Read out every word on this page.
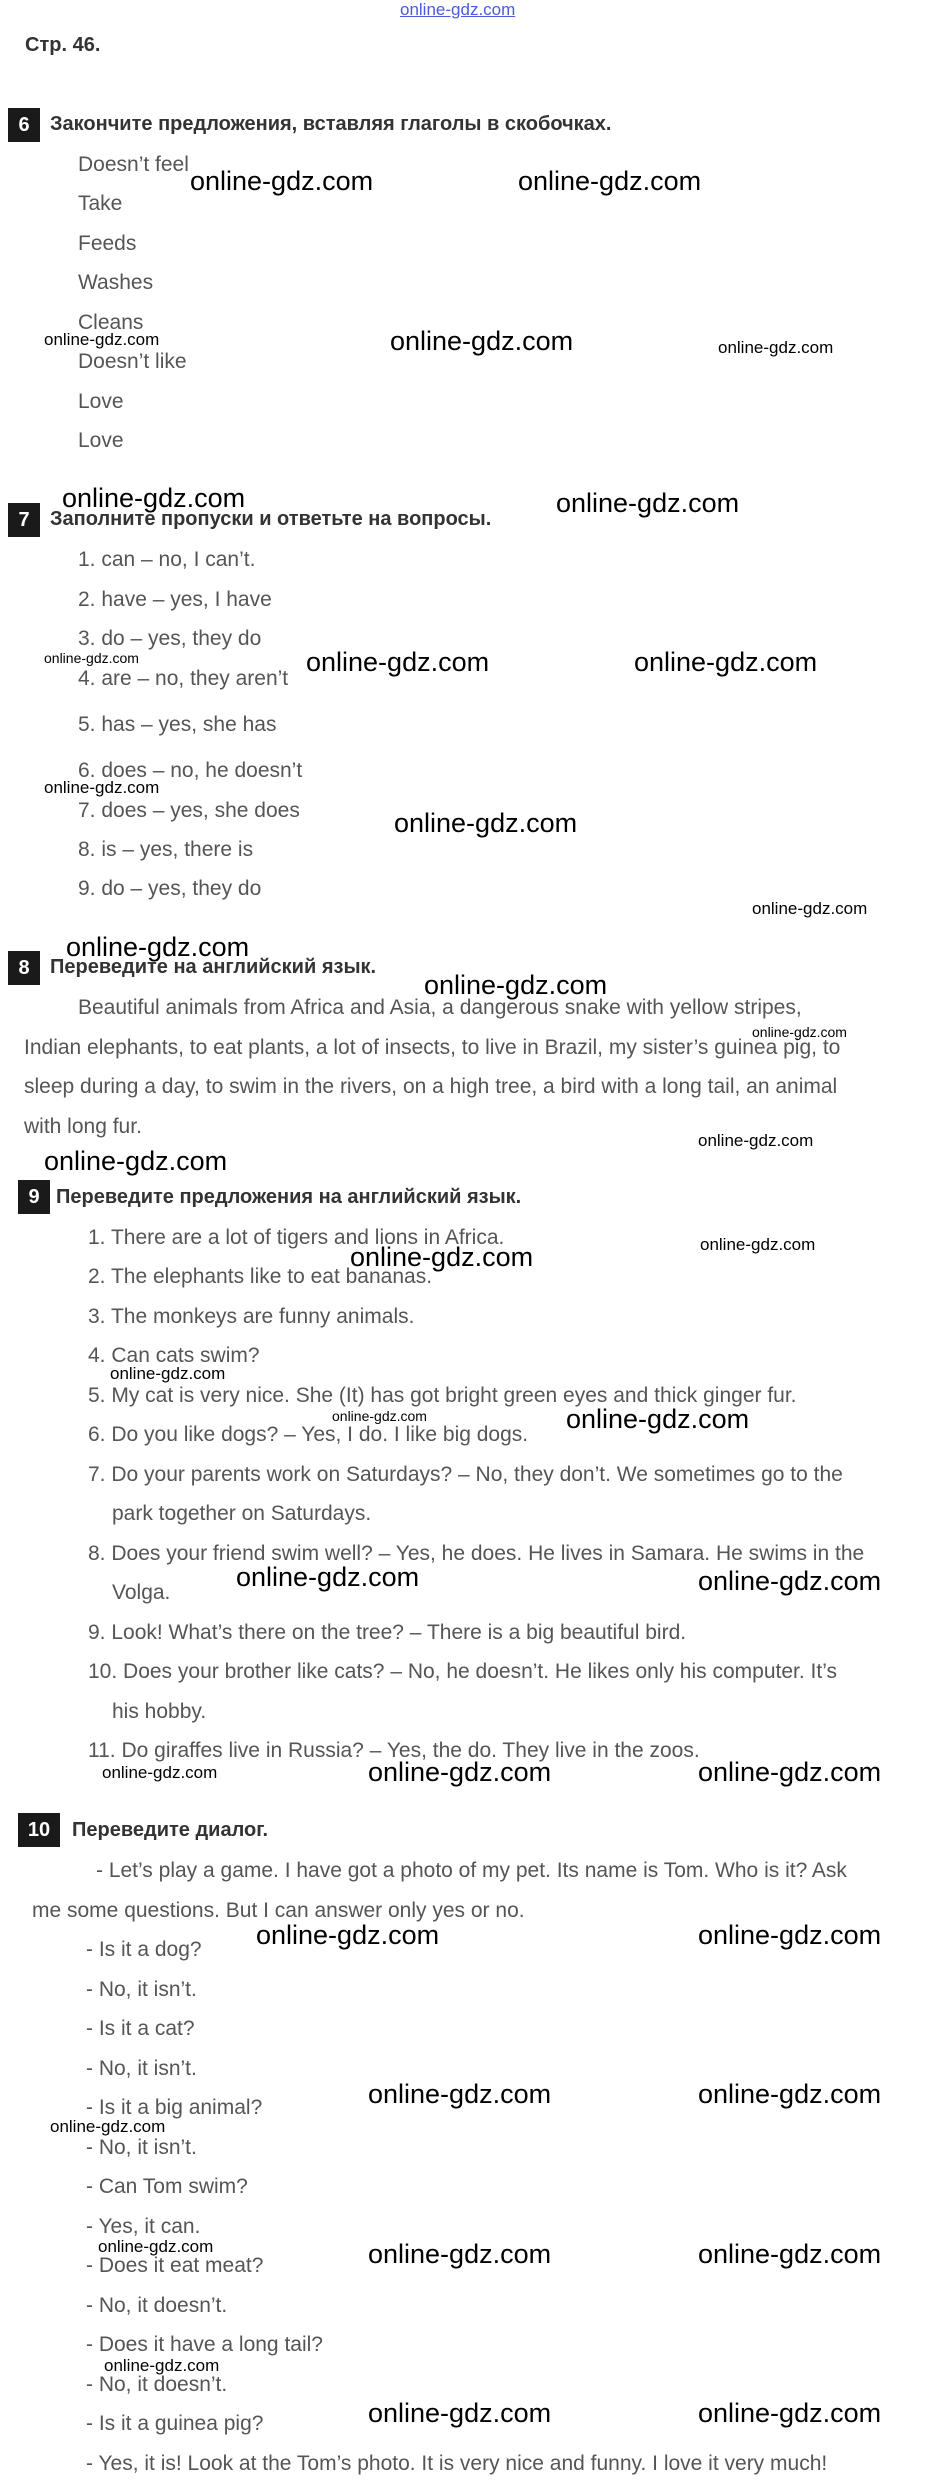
online-gdz.com
Стр. 46.
6	Закончите предложения, вставляя глаголы в скобочках.
Doesn’t feel
Take
Feeds
Washes
Cleans
Doesn’t like
Love
Love
7	Заполните пропуски и ответьте на вопросы.
1. can – no, I can’t.
2. have – yes, I have
3. do – yes, they do
4. are – no, they aren’t
5. has – yes, she has
6. does – no, he doesn’t
7. does – yes, she does
8. is – yes, there is
9. do – yes, they do
8	Переведите на английский язык.
Beautiful animals from Africa and Asia, a dangerous snake with yellow stripes,
Indian elephants, to eat plants, a lot of insects, to live in Brazil, my sister’s guinea pig, to
sleep during a day, to swim in the rivers, on a high tree, a bird with a long tail, an animal
with long fur.
9 Переведите предложения на английский язык.
1. There are a lot of tigers and lions in Africa.
2. The elephants like to eat bananas.
3. The monkeys are funny animals.
4. Can cats swim?
5. My cat is very nice. She (It) has got bright green eyes and thick ginger fur.
6. Do you like dogs? – Yes, I do. I like big dogs.
7. Do your parents work on Saturdays? – No, they don’t. We sometimes go to the
park together on Saturdays.
8. Does your friend swim well? – Yes, he does. He lives in Samara. He swims in the
Volga.
9. Look! What’s there on the tree? – There is a big beautiful bird.
10. Does your brother like cats? – No, he doesn’t. He likes only his computer. It’s
his hobby.
11. Do giraffes live in Russia? – Yes, the do. They live in the zoos.
10	Переведите диалог.
- Let’s play a game. I have got a photo of my pet. Its name is Tom. Who is it? Ask
me some questions. But I can answer only yes or no.
- Is it a dog?
- No, it isn’t.
- Is it a cat?
- No, it isn’t.
- Is it a big animal?
- No, it isn’t.
- Can Tom swim?
- Yes, it can.
- Does it eat meat?
- No, it doesn’t.
- Does it have a long tail?
- No, it doesn’t.
- Is it a guinea pig?
- Yes, it is! Look at the Tom’s photo. It is very nice and funny. I love it very much!
online-gdz.com	online-gdz.com
online-gdz.com	online-gdz.com	online-gdz.com
online-gdz.com	online-gdz.com
online-gdz.com	online-gdz.com	online-gdz.com
online-gdz.com
online-gdz.com
online-gdz.com
online-gdz.com
online-gdz.com
online-gdz.com
online-gdz.com
online-gdz.com
online-gdz.com	online-gdz.com
online-gdz.com
online-gdz.com	online-gdz.com
online-gdz.com	online-gdz.com
online-gdz.com	online-gdz.com	online-gdz.com
online-gdz.com	online-gdz.com
online-gdz.com	online-gdz.com
online-gdz.com
online-gdz.com	online-gdz.com	online-gdz.com
online-gdz.com
online-gdz.com	online-gdz.com
